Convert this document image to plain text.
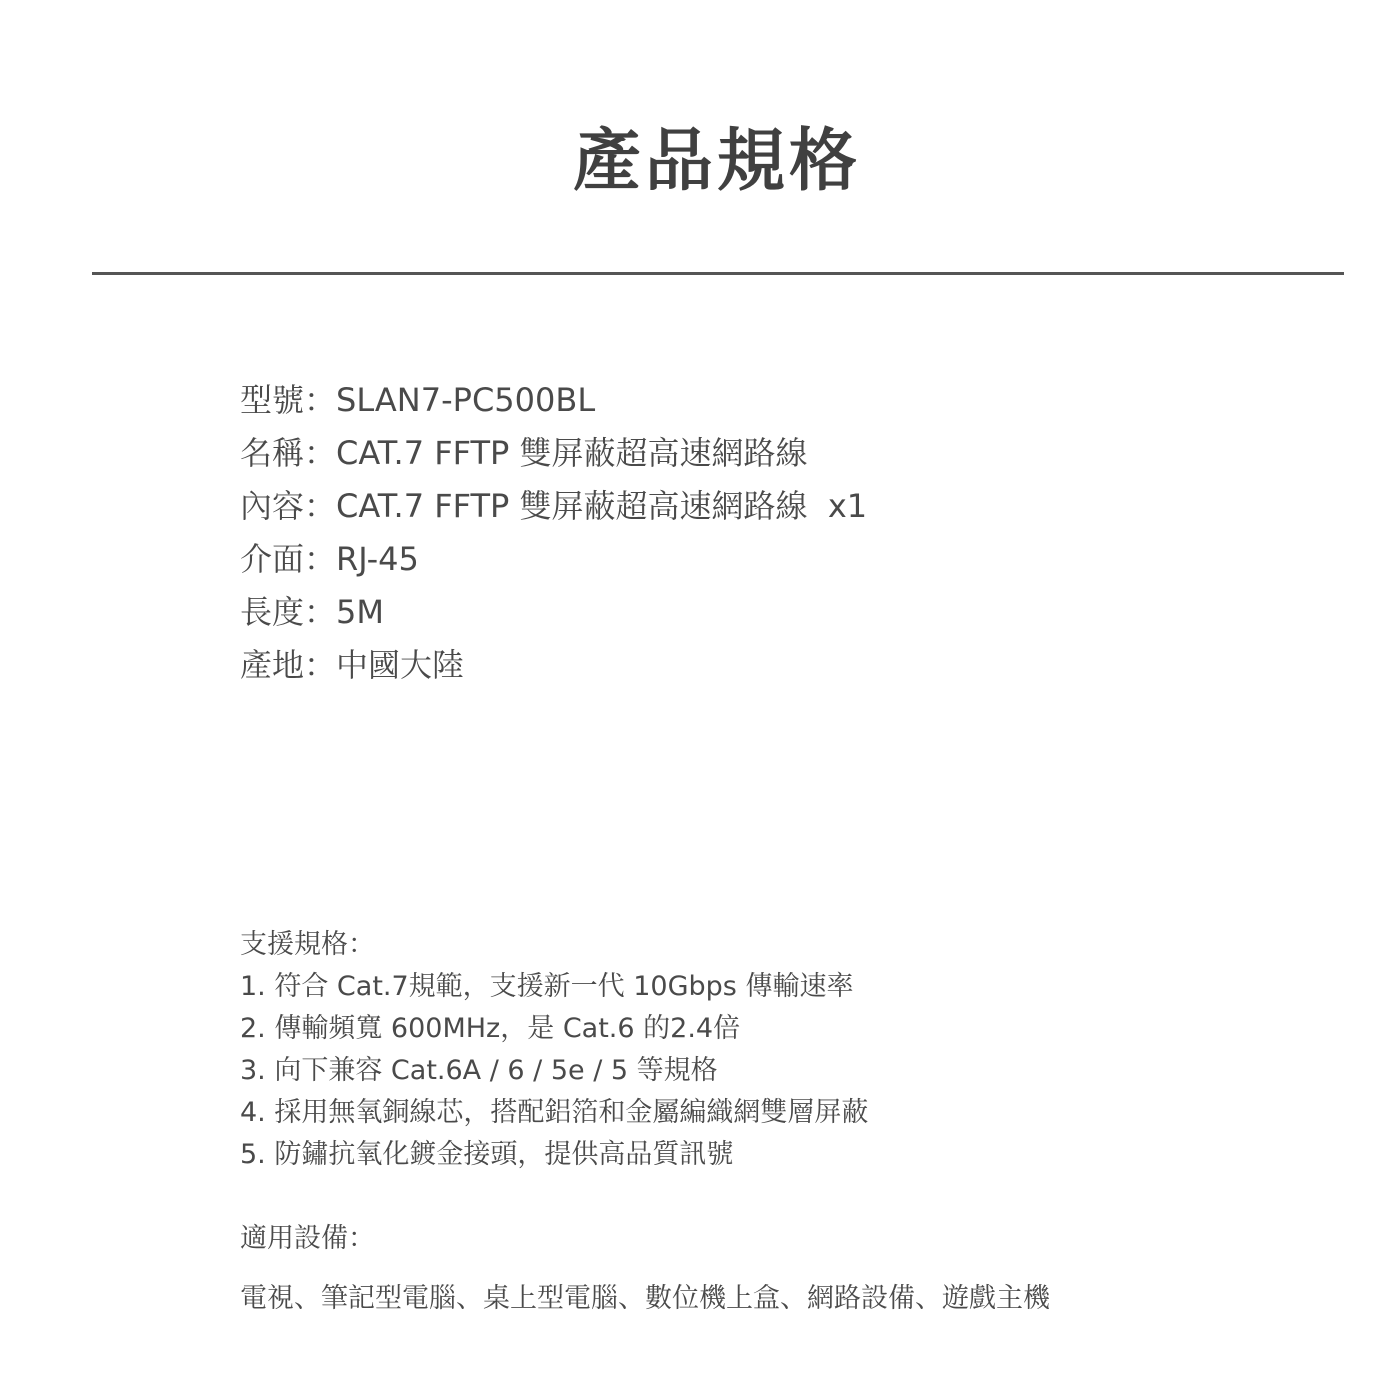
產品規格
型號：SLAN7-PC500BL
名稱：CAT.7 FFTP 雙屏蔽超高速網路線
內容：CAT.7 FFTP 雙屏蔽超高速網路線  x1
介面：RJ-45
長度：5M
產地：中國大陸
支援規格：
1. 符合 Cat.7規範，支援新一代 10Gbps 傳輸速率
2. 傳輸頻寬 600MHz，是 Cat.6 的2.4倍
3. 向下兼容 Cat.6A / 6 / 5e / 5 等規格
4. 採用無氧銅線芯，搭配鋁箔和金屬編織網雙層屏蔽
5. 防鏽抗氧化鍍金接頭，提供高品質訊號
適用設備：
電視、筆記型電腦、桌上型電腦、數位機上盒、網路設備、遊戲主機
